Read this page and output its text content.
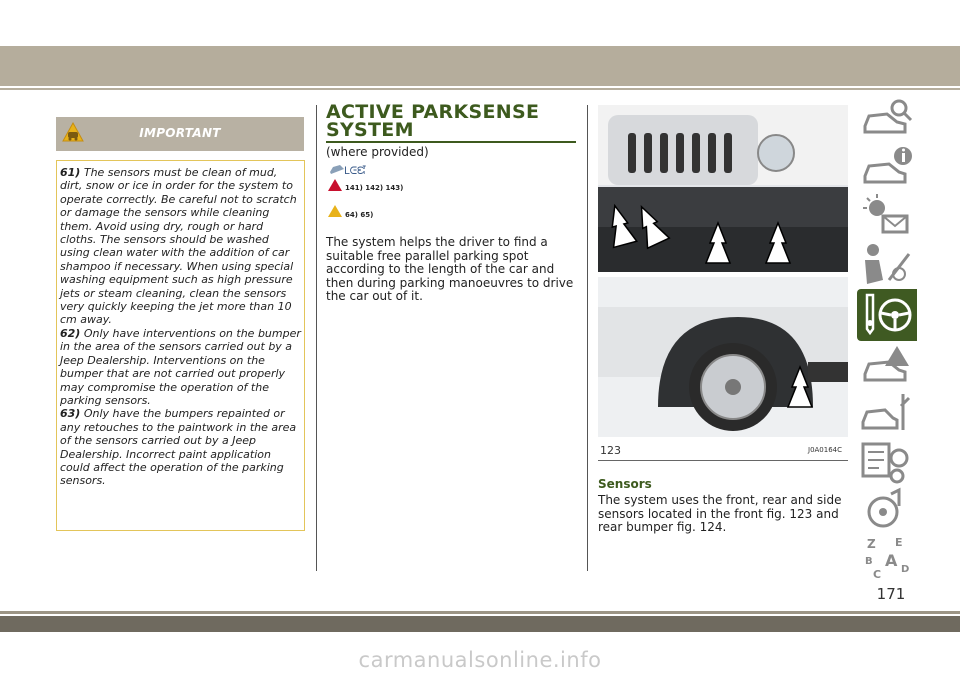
IMPORTANT
61) The sensors must be clean of mud, dirt, snow or ice in order for the system to operate correctly. Be careful not to scratch or damage the sensors while cleaning them. Avoid using dry, rough or hard cloths. The sensors should be washed using clean water with the addition of car shampoo if necessary. When using special washing equipment such as high pressure jets or steam cleaning, clean the sensors very quickly keeping the jet more than 10 cm away.
62) Only have interventions on the bumper in the area of the sensors carried out by a Jeep Dealership. Interventions on the bumper that are not carried out properly may compromise the operation of the parking sensors.
63) Only have the bumpers repainted or any retouches to the paintwork in the area of the sensors carried out by a Jeep Dealership. Incorrect paint application could affect the operation of the parking sensors.
ACTIVE PARKSENSE SYSTEM
(where provided)
ᒪᕮᘿ
141) 142) 143)
64) 65)
The system helps the driver to find a suitable free parallel parking spot according to the length of the car and then during parking manoeuvres to drive the car out of it.
123	J0A0164C
Sensors
The system uses the front, rear and side sensors located in the front fig. 123 and rear bumper fig. 124.
Z E
B A
C D
171
carmanualsonline.info
